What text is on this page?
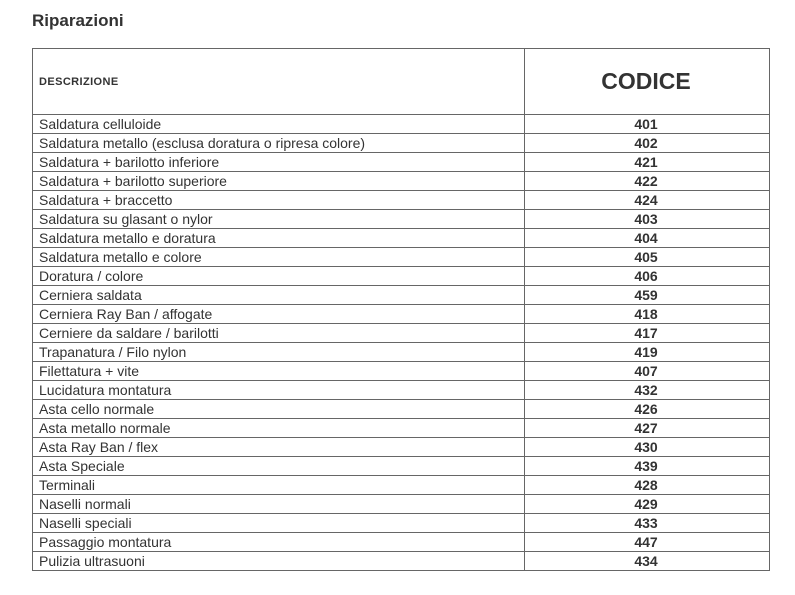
Riparazioni
DESCRIZIONE	CODICE
Saldatura celluloide	401
Saldatura metallo (esclusa doratura o ripresa colore)	402
Saldatura + barilotto inferiore	421
Saldatura + barilotto superiore	422
Saldatura + braccetto	424
Saldatura su glasant o nylor	403
Saldatura metallo e doratura	404
Saldatura metallo e colore	405
Doratura / colore	406
Cerniera saldata	459
Cerniera Ray Ban / affogate	418
Cerniere da saldare / barilotti	417
Trapanatura / Filo nylon	419
Filettatura + vite	407
Lucidatura montatura	432
Asta cello normale	426
Asta metallo normale	427
Asta Ray Ban / flex	430
Asta Speciale	439
Terminali	428
Naselli normali	429
Naselli speciali	433
Passaggio montatura	447
Pulizia ultrasuoni	434
